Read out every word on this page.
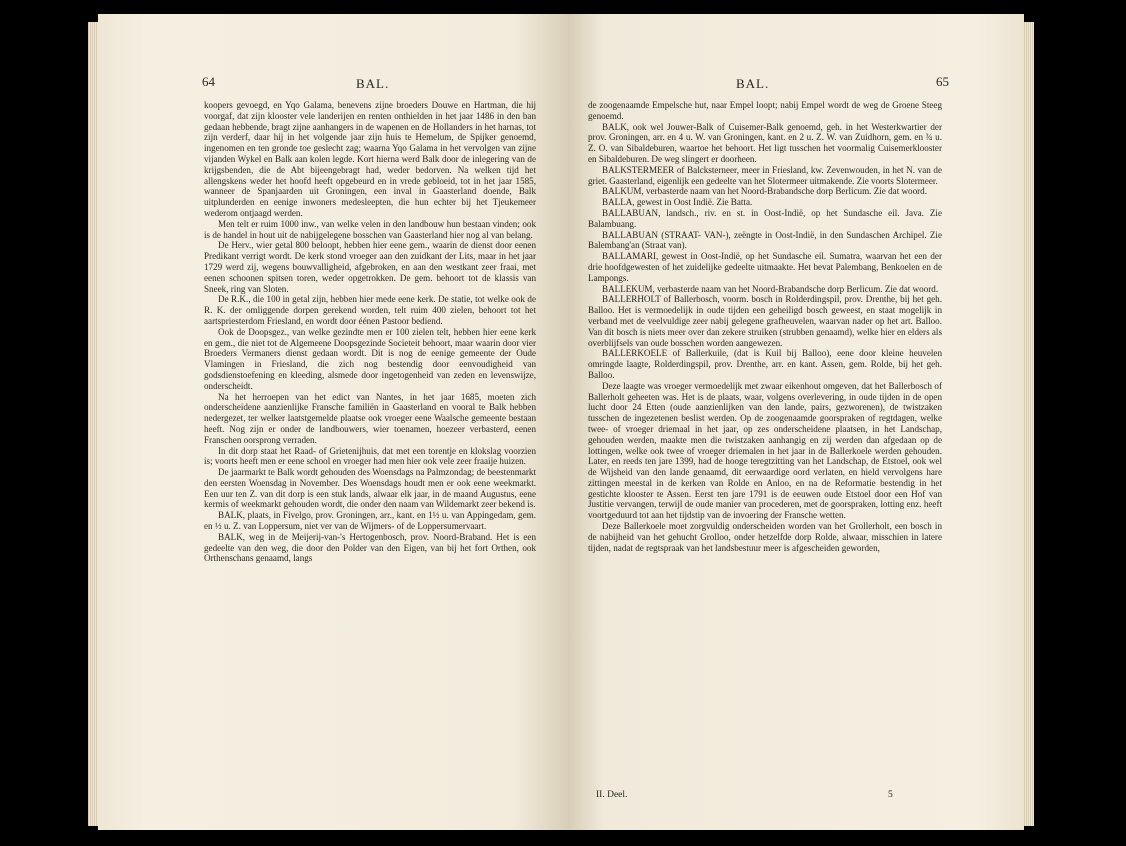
64	BAL.

koopers gevoegd, en Yqo Galama, benevens zijne broeders Douwe en Hartman, die hij voorgaf, dat zijn klooster vele landerijen en renten onthielden in het jaar 1486 in den ban gedaan hebbende, bragt zijne aanhangers in de wapenen en de Hollanders in het harnas, tot zijn verderf, daar hij in het volgende jaar zijn huis te Hemelum, de Spijker genoemd, ingenomen en ten gronde toe geslecht zag; waarna Yqo Galama in het vervolgen van zijne vijanden Wykel en Balk aan kolen legde. Kort hierna werd Balk door de inlegering van de krijgsbenden, die de Abt bijeengebragt had, weder bedorven. Na welken tijd het allengskens weder het hoofd heeft opgebeurd en in vrede gebloeid, tot in het jaar 1585, wanneer de Spanjaarden uit Groningen, een inval in Gaasterland doende, Balk uitplunderden en eenige inwoners medesleepten, die hun echter bij het Tjeukemeer wederom ontjaagd werden.

Men telt er ruim 1000 inw., van welke velen in den landbouw hun bestaan vinden; ook is de handel in hout uit de nabijgelegene bosschen van Gaasterland hier nog al van belang.

De Herv., wier getal 800 beloopt, hebben hier eene gem., waarin de dienst door eenen Predikant verrigt wordt. De kerk stond vroeger aan den zuidkant der Lits, maar in het jaar 1729 werd zij, wegens bouwvalligheid, afgebroken, en aan den westkant zeer fraai, met eenen schoonen spitsen toren, weder opgetrokken. De gem. behoort tot de klassis van Sneek, ring van Sloten.

De R.K., die 100 in getal zijn, hebben hier mede eene kerk. De statie, tot welke ook de R. K. der omliggende dorpen gerekend worden, telt ruim 400 zielen, behoort tot het aartspriesterdom Friesland, en wordt door éénen Pastoor bediend.

Ook de Doopsgez., van welke gezindte men er 100 zielen telt, hebben hier eene kerk en gem., die niet tot de Algemeene Doopsgezinde Societeit behoort, maar waarin door vier Broeders Vermaners dienst gedaan wordt. Dit is nog de eenige gemeente der Oude Vlamingen in Friesland, die zich nog bestendig door eenvoudigheid van godsdienstoefening en kleeding, alsmede door ingetogenheid van zeden en levenswijze, onderscheidt.

Na het herroepen van het edict van Nantes, in het jaar 1685, moeten zich onderscheidene aanzienlijke Fransche familiën in Gaasterland en vooral te Balk hebben nedergezet, ter welker laatstgemelde plaatse ook vroeger eene Waalsche gemeente bestaan heeft. Nog zijn er onder de landbouwers, wier toenamen, hoezeer verbasterd, eenen Franschen oorsprong verraden.

In dit dorp staat het Raad- of Grietenijhuis, dat met een torentje en klokslag voorzien is; voorts heeft men er eene school en vroeger had men hier ook vele zeer fraaije huizen.

De jaarmarkt te Balk wordt gehouden des Woensdags na Palmzondag; de beestenmarkt den eersten Woensdag in November. Des Woensdags houdt men er ook eene weekmarkt. Een uur ten Z. van dit dorp is een stuk lands, alwaar elk jaar, in de maand Augustus, eene kermis of weekmarkt gehouden wordt, die onder den naam van Wildemarkt zeer bekend is.

BALK, plaats, in Fivelgo, prov. Groningen, arr., kant. en 1½ u. van Appingedam, gem. en ½ u. Z. van Loppersum, niet ver van de Wijmers- of de Loppersumervaart.

BALK, weg in de Meijerij-van-'s Hertogenbosch, prov. Noord-Braband. Het is een gedeelte van den weg, die door den Polder van den Eigen, van bij het fort Orthen, ook Orthenschans genaamd, langs

BAL.	65

de zoogenaamde Empelsche hut, naar Empel loopt; nabij Empel wordt de weg de Groene Steeg genoemd.

BALK, ook wel Jouwer-Balk of Cuisemer-Balk genoemd, geh. in het Westerkwartier der prov. Groningen, arr. en 4 u. W. van Groningen, kant. en 2 u. Z. W. van Zuidhorn, gem. en ¾ u. Z. O. van Sibaldeburen, waartoe het behoort. Het ligt tusschen het voormalig Cuisemerklooster en Sibaldeburen. De weg slingert er doorheen.

BALKSTERMEER of Balcksterneer, meer in Friesland, kw. Zevenwouden, in het N. van de griet. Gaasterland, eigenlijk een gedeelte van het Slotermeer uitmakende. Zie voorts Slotermeer.

BALKUM, verbasterde naam van het Noord-Brabandsche dorp Berlicum. Zie dat woord.

BALLA, gewest in Oost Indië. Zie Batta.

BALLABUAN, landsch., riv. en st. in Oost-Indië, op het Sundasche eil. Java. Zie Balambuang.

BALLABUAN (STRAAT- VAN-), zeëngte in Oost-Indië, in den Sundaschen Archipel. Zie Balembang'an (Straat van).

BALLAMARI, gewest in Oost-Indië, op het Sundasche eil. Sumatra, waarvan het een der drie hoofdgewesten of het zuidelijke gedeelte uitmaakte. Het bevat Palembang, Benkoelen en de Lampongs.

BALLEKUM, verbasterde naam van het Noord-Brabandsche dorp Berlicum. Zie dat woord.

BALLERHOLT of Ballerbosch, voorm. bosch in Rolderdingspil, prov. Drenthe, bij het geh. Balloo. Het is vermoedelijk in oude tijden een geheiligd bosch geweest, en staat mogelijk in verband met de veelvuldige zeer nabij gelegene grafheuvelen, waarvan nader op het art. Balloo. Van dit bosch is niets meer over dan zekere struiken (strubben genaamd), welke hier en elders als overblijfsels van oude bosschen worden aangewezen.

BALLERKOELE of Ballerkuile, (dat is Kuil bij Balloo), eene door kleine heuvelen omringde laagte, Rolderdingspil, prov. Drenthe, arr. en kant. Assen, gem. Rolde, bij het geh. Balloo.

Deze laagte was vroeger vermoedelijk met zwaar eikenhout omgeven, dat het Ballerbosch of Ballerholt geheeten was. Het is de plaats, waar, volgens overlevering, in oude tijden in de open lucht door 24 Etten (oude aanzienlijken van den lande, pairs, gezworenen), de twistzaken tusschen de ingezetenen beslist werden. Op de zoogenaamde goorspraken of regtdagen, welke twee- of vroeger driemaal in het jaar, op zes onderscheidene plaatsen, in het Landschap, gehouden werden, maakte men die twistzaken aanhangig en zij werden dan afgedaan op de lottingen, welke ook twee of vroeger driemalen in het jaar in de Ballerkoele werden gehouden. Later, en reeds ten jare 1399, had de hooge teregtzitting van het Landschap, de Etstoel, ook wel de Wijsheid van den lande genaamd, dit eerwaardige oord verlaten, en hield vervolgens hare zittingen meestal in de kerken van Rolde en Anloo, en na de Reformatie bestendig in het gestichte klooster te Assen. Eerst ten jare 1791 is de eeuwen oude Etstoel door een Hof van Justitie vervangen, terwijl de oude manier van procederen, met de goorspraken, lotting enz. heeft voortgeduurd tot aan het tijdstip van de invoering der Fransche wetten.

Deze Ballerkoele moet zorgvuldig onderscheiden worden van het Grollerholt, een bosch in de nabijheid van het gehucht Grolloo, onder hetzelfde dorp Rolde, alwaar, misschien in latere tijden, nadat de regtspraak van het landsbestuur meer is afgescheiden geworden,

II. Deel.	5
